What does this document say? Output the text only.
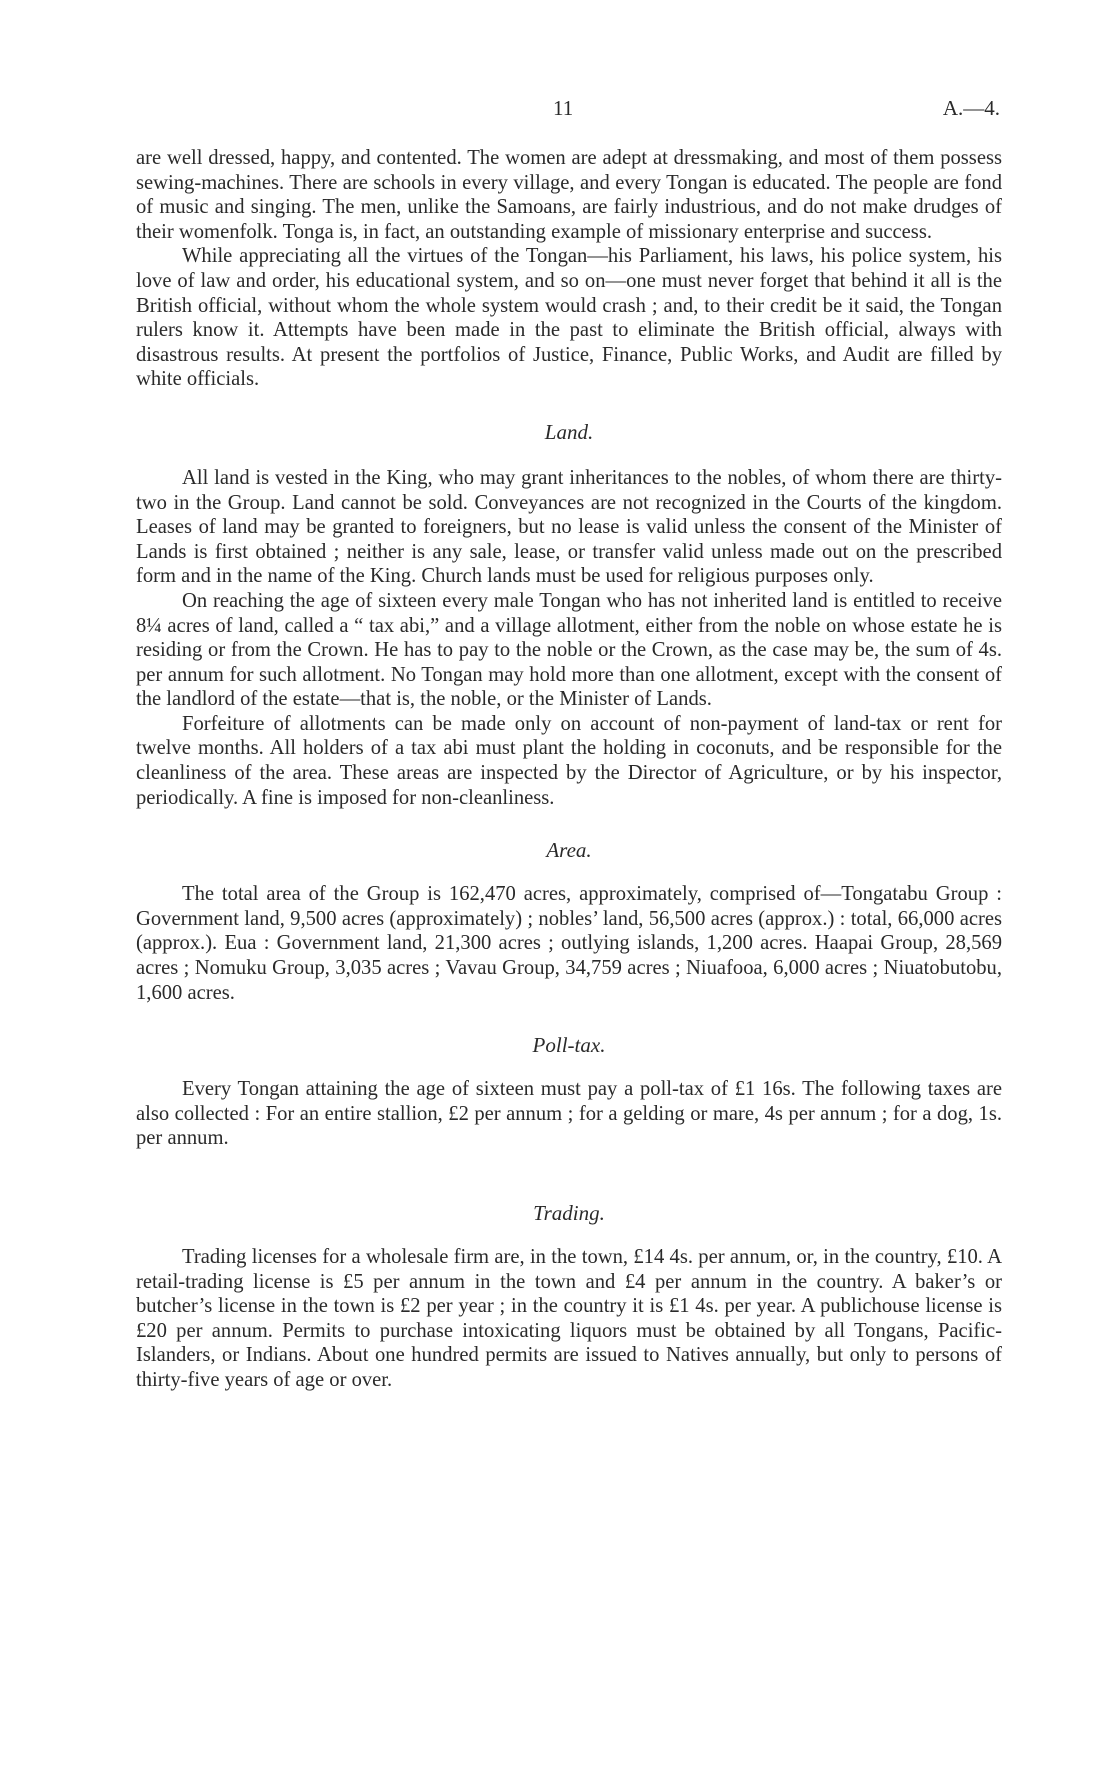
11	A.—4.

are well dressed, happy, and contented. The women are adept at dressmaking, and most of them possess sewing-machines. There are schools in every village, and every Tongan is educated. The people are fond of music and singing. The men, unlike the Samoans, are fairly industrious, and do not make drudges of their womenfolk. Tonga is, in fact, an outstanding example of missionary enterprise and success.

While appreciating all the virtues of the Tongan—his Parliament, his laws, his police system, his love of law and order, his educational system, and so on—one must never forget that behind it all is the British official, without whom the whole system would crash ; and, to their credit be it said, the Tongan rulers know it. Attempts have been made in the past to eliminate the British official, always with disastrous results. At present the portfolios of Justice, Finance, Public Works, and Audit are filled by white officials.

Land.

All land is vested in the King, who may grant inheritances to the nobles, of whom there are thirty-two in the Group. Land cannot be sold. Conveyances are not recognized in the Courts of the kingdom. Leases of land may be granted to foreigners, but no lease is valid unless the consent of the Minister of Lands is first obtained ; neither is any sale, lease, or transfer valid unless made out on the prescribed form and in the name of the King. Church lands must be used for religious purposes only.

On reaching the age of sixteen every male Tongan who has not inherited land is entitled to receive 8¼ acres of land, called a “ tax abi,” and a village allotment, either from the noble on whose estate he is residing or from the Crown. He has to pay to the noble or the Crown, as the case may be, the sum of 4s. per annum for such allotment. No Tongan may hold more than one allotment, except with the consent of the landlord of the estate—that is, the noble, or the Minister of Lands.

Forfeiture of allotments can be made only on account of non-payment of land-tax or rent for twelve months. All holders of a tax abi must plant the holding in coconuts, and be responsible for the cleanliness of the area. These areas are inspected by the Director of Agriculture, or by his inspector, periodically. A fine is imposed for non-cleanliness.

Area.

The total area of the Group is 162,470 acres, approximately, comprised of—Tongatabu Group : Government land, 9,500 acres (approximately) ; nobles’ land, 56,500 acres (approx.) : total, 66,000 acres (approx.). Eua : Government land, 21,300 acres ; outlying islands, 1,200 acres. Haapai Group, 28,569 acres ; Nomuku Group, 3,035 acres ; Vavau Group, 34,759 acres ; Niuafooa, 6,000 acres ; Niuatobutobu, 1,600 acres.

Poll-tax.

Every Tongan attaining the age of sixteen must pay a poll-tax of £1 16s. The following taxes are also collected : For an entire stallion, £2 per annum ; for a gelding or mare, 4s per annum ; for a dog, 1s. per annum.

Trading.

Trading licenses for a wholesale firm are, in the town, £14 4s. per annum, or, in the country, £10. A retail-trading license is £5 per annum in the town and £4 per annum in the country. A baker’s or butcher’s license in the town is £2 per year ; in the country it is £1 4s. per year. A publichouse license is £20 per annum. Permits to purchase intoxicating liquors must be obtained by all Tongans, Pacific-Islanders, or Indians. About one hundred permits are issued to Natives annually, but only to persons of thirty-five years of age or over.
